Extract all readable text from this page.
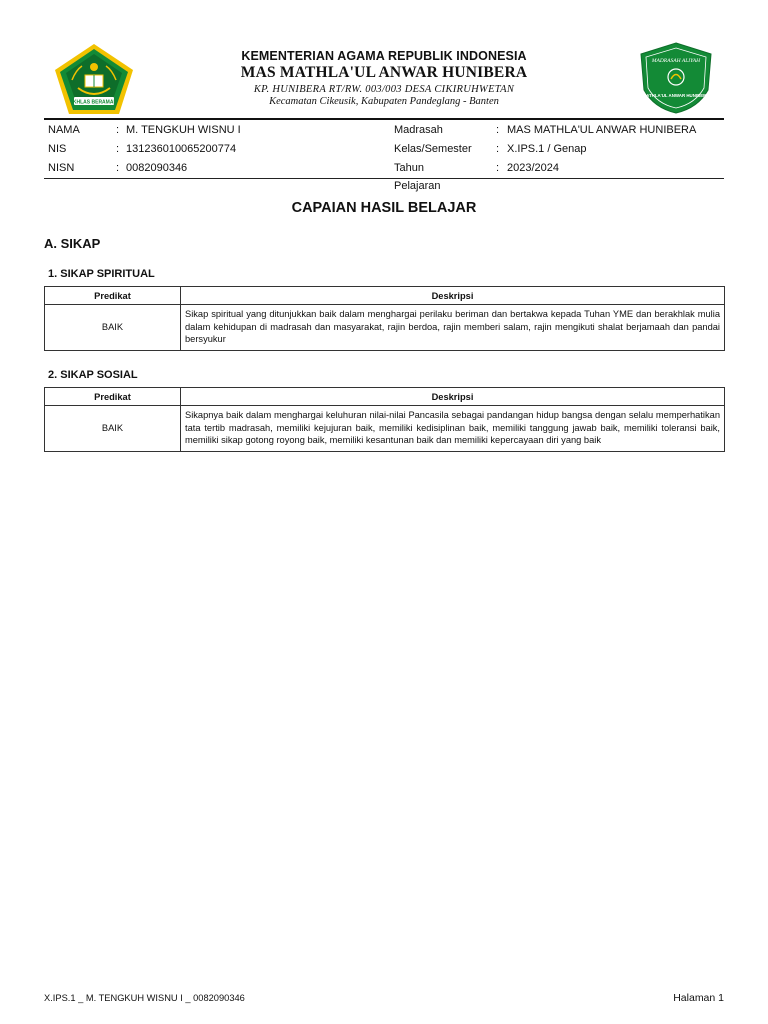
IKHLAS BERAMAL
MADRASAH ALIYAH
MATHLA'UL ANWAR HUNIBERA
KEMENTERIAN AGAMA REPUBLIK INDONESIA
MAS MATHLA'UL ANWAR HUNIBERA
KP. HUNIBERA RT/RW. 003/003 DESA CIKIRUHWETAN
Kecamatan Cikeusik, Kabupaten Pandeglang - Banten
NAMA	: M. TENGKUH WISNU I
NIS	: 131236010065200774
NISN	: 0082090346
Madrasah	: MAS MATHLA'UL ANWAR HUNIBERA
Kelas/Semester : X.IPS.1 / Genap
Tahun Pelajaran
: 2023/2024
CAPAIAN HASIL BELAJAR
A. SIKAP
1. SIKAP SPIRITUAL
Predikat	Deskripsi
BAIK	Sikap spiritual yang ditunjukkan baik dalam menghargai perilaku beriman dan bertakwa kepada Tuhan YME dan berakhlak mulia dalam kehidupan di madrasah dan masyarakat, rajin berdoa, rajin memberi salam, rajin mengikuti shalat berjamaah dan pandai bersyukur
2. SIKAP SOSIAL
Predikat	Deskripsi
BAIK	Sikapnya baik dalam menghargai keluhuran nilai-nilai Pancasila sebagai pandangan hidup bangsa dengan selalu memperhatikan tata tertib madrasah, memiliki kejujuran baik, memiliki kedisiplinan baik, memiliki tanggung jawab baik, memiliki toleransi baik, memiliki sikap gotong royong baik, memiliki kesantunan baik dan memiliki kepercayaan diri yang baik
X.IPS.1 _ M. TENGKUH WISNU I _ 0082090346	Halaman 1
